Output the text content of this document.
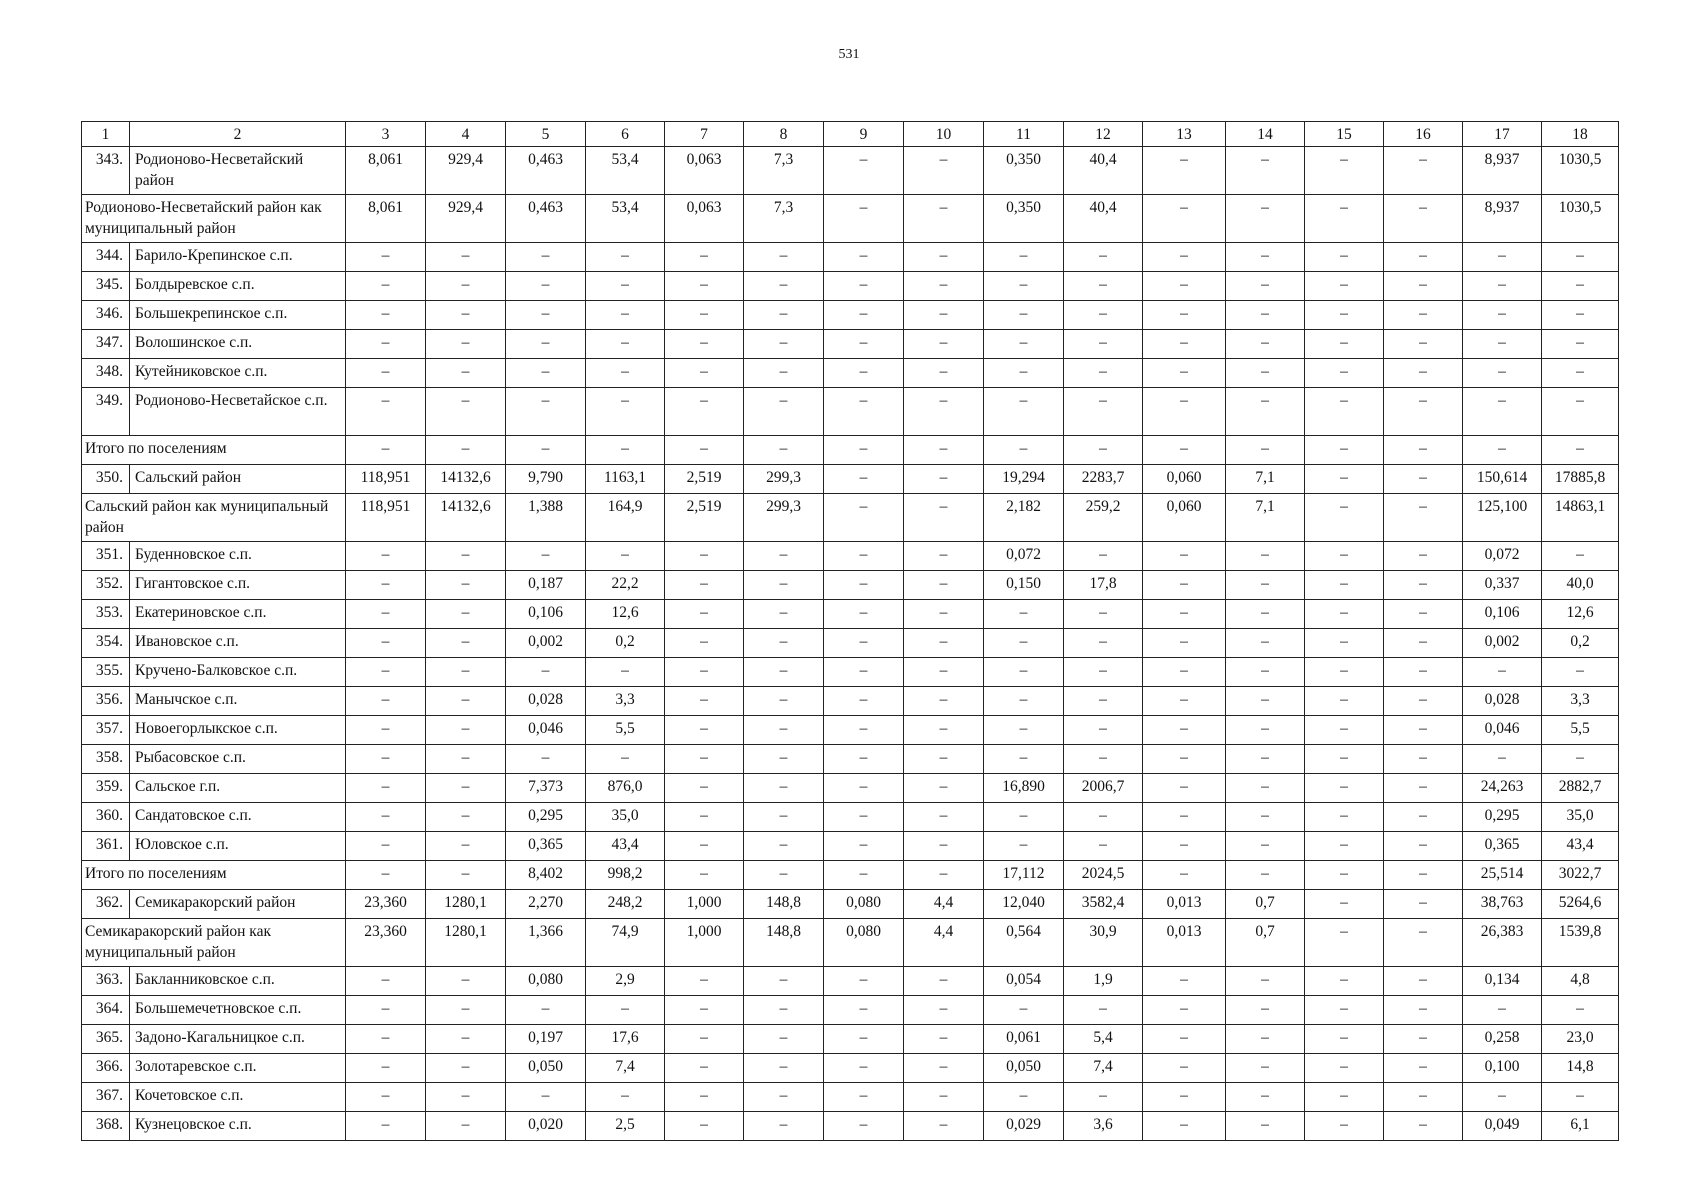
531
1	2	3	4	5	6	7	8	9	10	11	12	13	14	15	16	17	18
343.	Родионово-Несветайский район	8,061	929,4	0,463	53,4	0,063	7,3	–	–	0,350	40,4	–	–	–	–	8,937	1030,5
Родионово-Несветайский район как муниципальный район		8,061	929,4	0,463	53,4	0,063	7,3	–	–	0,350	40,4	–	–	–	–	8,937	1030,5
344.	Барило-Крепинское с.п.	–	–	–	–	–	–	–	–	–	–	–	–	–	–	–	–
345.	Болдыревское с.п.	–	–	–	–	–	–	–	–	–	–	–	–	–	–	–	–
346.	Большекрепинское с.п.	–	–	–	–	–	–	–	–	–	–	–	–	–	–	–	–
347.	Волошинское с.п.	–	–	–	–	–	–	–	–	–	–	–	–	–	–	–	–
348.	Кутейниковское с.п.	–	–	–	–	–	–	–	–	–	–	–	–	–	–	–	–
349.	Родионово-Несветайское с.п.	–	–	–	–	–	–	–	–	–	–	–	–	–	–	–	–
Итого по поселениям		–	–	–	–	–	–	–	–	–	–	–	–	–	–	–	–
350.	Сальский район	118,951	14132,6	9,790	1163,1	2,519	299,3	–	–	19,294	2283,7	0,060	7,1	–	–	150,614	17885,8
Сальский район как муниципальный район		118,951	14132,6	1,388	164,9	2,519	299,3	–	–	2,182	259,2	0,060	7,1	–	–	125,100	14863,1
351.	Буденновское с.п.	–	–	–	–	–	–	–	–	0,072	–	–	–	–	–	0,072	–
352.	Гигантовское с.п.	–	–	0,187	22,2	–	–	–	–	0,150	17,8	–	–	–	–	0,337	40,0
353.	Екатериновское с.п.	–	–	0,106	12,6	–	–	–	–	–	–	–	–	–	–	0,106	12,6
354.	Ивановское с.п.	–	–	0,002	0,2	–	–	–	–	–	–	–	–	–	–	0,002	0,2
355.	Кручено-Балковское с.п.	–	–	–	–	–	–	–	–	–	–	–	–	–	–	–	–
356.	Манычское с.п.	–	–	0,028	3,3	–	–	–	–	–	–	–	–	–	–	0,028	3,3
357.	Новоегорлыкское с.п.	–	–	0,046	5,5	–	–	–	–	–	–	–	–	–	–	0,046	5,5
358.	Рыбасовское с.п.	–	–	–	–	–	–	–	–	–	–	–	–	–	–	–	–
359.	Сальское г.п.	–	–	7,373	876,0	–	–	–	–	16,890	2006,7	–	–	–	–	24,263	2882,7
360.	Сандатовское с.п.	–	–	0,295	35,0	–	–	–	–	–	–	–	–	–	–	0,295	35,0
361.	Юловское с.п.	–	–	0,365	43,4	–	–	–	–	–	–	–	–	–	–	0,365	43,4
Итого по поселениям		–	–	8,402	998,2	–	–	–	–	17,112	2024,5	–	–	–	–	25,514	3022,7
362.	Семикаракорский район	23,360	1280,1	2,270	248,2	1,000	148,8	0,080	4,4	12,040	3582,4	0,013	0,7	–	–	38,763	5264,6
Семикаракорский район как муниципальный район		23,360	1280,1	1,366	74,9	1,000	148,8	0,080	4,4	0,564	30,9	0,013	0,7	–	–	26,383	1539,8
363.	Бакланниковское с.п.	–	–	0,080	2,9	–	–	–	–	0,054	1,9	–	–	–	–	0,134	4,8
364.	Большемечетновское с.п.	–	–	–	–	–	–	–	–	–	–	–	–	–	–	–	–
365.	Задоно-Кагальницкое с.п.	–	–	0,197	17,6	–	–	–	–	0,061	5,4	–	–	–	–	0,258	23,0
366.	Золотаревское с.п.	–	–	0,050	7,4	–	–	–	–	0,050	7,4	–	–	–	–	0,100	14,8
367.	Кочетовское с.п.	–	–	–	–	–	–	–	–	–	–	–	–	–	–	–	–
368.	Кузнецовское с.п.	–	–	0,020	2,5	–	–	–	–	0,029	3,6	–	–	–	–	0,049	6,1
